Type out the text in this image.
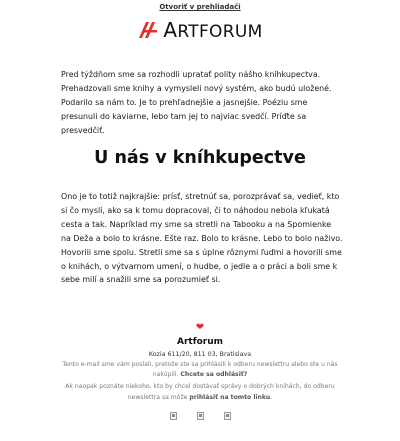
Otvoriť v prehliadači
ARTFORUM

Pred týždňom sme sa rozhodli upratať polity nášho kníhkupectva. Prehadzovali sme knihy a vymysleli nový systém, ako budú uložené. Podarilo sa nám to. Je to prehľadnejšie a jasnejšie. Poéziu sme presunuli do kaviarne, lebo tam jej to najviac svedčí. Príďte sa presvedčiť.

U nás v kníhkupectve

Ono je to totiž najkrajšie: prísť, stretnúť sa, porozprávať sa, vedieť, kto si čo myslí, ako sa k tomu dopracoval, či to náhodou nebola kľukatá cesta a tak. Napríklad my sme sa stretli na Tabooku a na Spomienke na Deža a bolo to krásne. Ešte raz. Bolo to krásne. Lebo to bolo naživo. Hovorili sme spolu. Stretli sme sa s úplne rôznymi ľuďmi a hovorili sme o knihách, o výtvarnom umení, o hudbe, o jedle a o práci a boli sme k sebe milí a snažili sme sa porozumieť si.

❤
Artforum
Kozia 611/20, 811 03, Bratislava
Tento e-mail sme vám poslali, pretože ste sa prihlásili k odberu newslettru alebo ste u nás nakúpili. Chcete sa odhlásiť?
Ak naopak poznáte niekoho, kto by chcel dostávať správy o dobrých knihách, do odberu newslettra sa môže prihlásiť na tomto linku.
